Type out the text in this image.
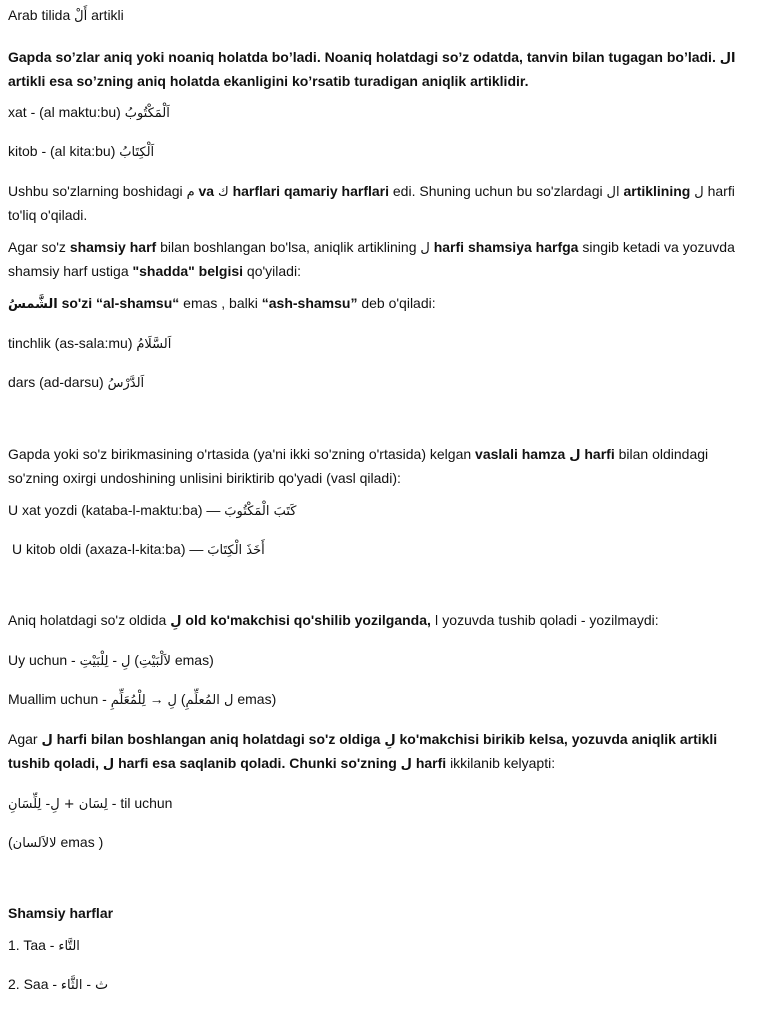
Arab tilida أَلْ artikli

Gapda so’zlar aniq yoki noaniq holatda bo’ladi. Noaniq holatdagi so’z odatda, tanvin bilan tugagan bo’ladi. ال artikli esa so’zning aniq holatda ekanligini ko’rsatib turadigan aniqlik artiklidir.

xat - (al maktu:bu) اَلْمَكْتُوبُ

kitob - (al kita:bu) اَلْكِتَابُ

Ushbu so'zlarning boshidagi م va ك harflari qamariy harflari edi. Shuning uchun bu so'zlardagi ال artiklining ل harfi to'liq o'qiladi.

Agar so'z shamsiy harf bilan boshlangan bo'lsa, aniqlik artiklining ل harfi shamsiya harfga singib ketadi va yozuvda shamsiy harf ustiga "shadda" belgisi qo'yiladi:

الشَّمسُ so'zi “al-shamsu“ emas , balki “ash-shamsu” deb o'qiladi:

tinchlik (as-sala:mu) اَلسَّلَامُ

dars (ad-darsu) اَلدَّرْسُ

Gapda yoki so'z birikmasining o'rtasida (ya'ni ikki so'zning o'rtasida) kelgan vaslali hamza ل harfi bilan oldindagi so'zning oxirgi undoshining unlisini biriktirib qo'yadi (vasl qiladi):

U xat yozdi (kataba-l-maktu:ba) — كَتَبَ الْمَكْتُوبَ

U kitob oldi (axaza-l-kita:ba) — أَخَذَ الْكِتَابَ

Aniq holatdagi so'z oldida لِ old ko'makchisi qo'shilib yozilganda, ا yozuvda tushib qoladi - yozilmaydi:

Uy uchun -	لِ - لِلْبَيْتِ (لاَلْبَيْتِ emas)

Muallim uchun -	لِ → لِلْمُعَلِّمِ	(ل المُعلِّمِ emas)

Agar ل harfi bilan boshlangan aniq holatdagi so'z oldiga لِ ko'makchisi birikib kelsa, yozuvda aniqlik artikli tushib qoladi, ل harfi esa saqlanib qoladi. Chunki so'zning ل harfi ikkilanib kelyapti:

لِسَان + لِ- لِلِّسَانِ - til uchun

(لالاَلسان emas )

Shamsiy harflar

1. Taa - التَّاء

2. Saa - ث - الثَّاء
